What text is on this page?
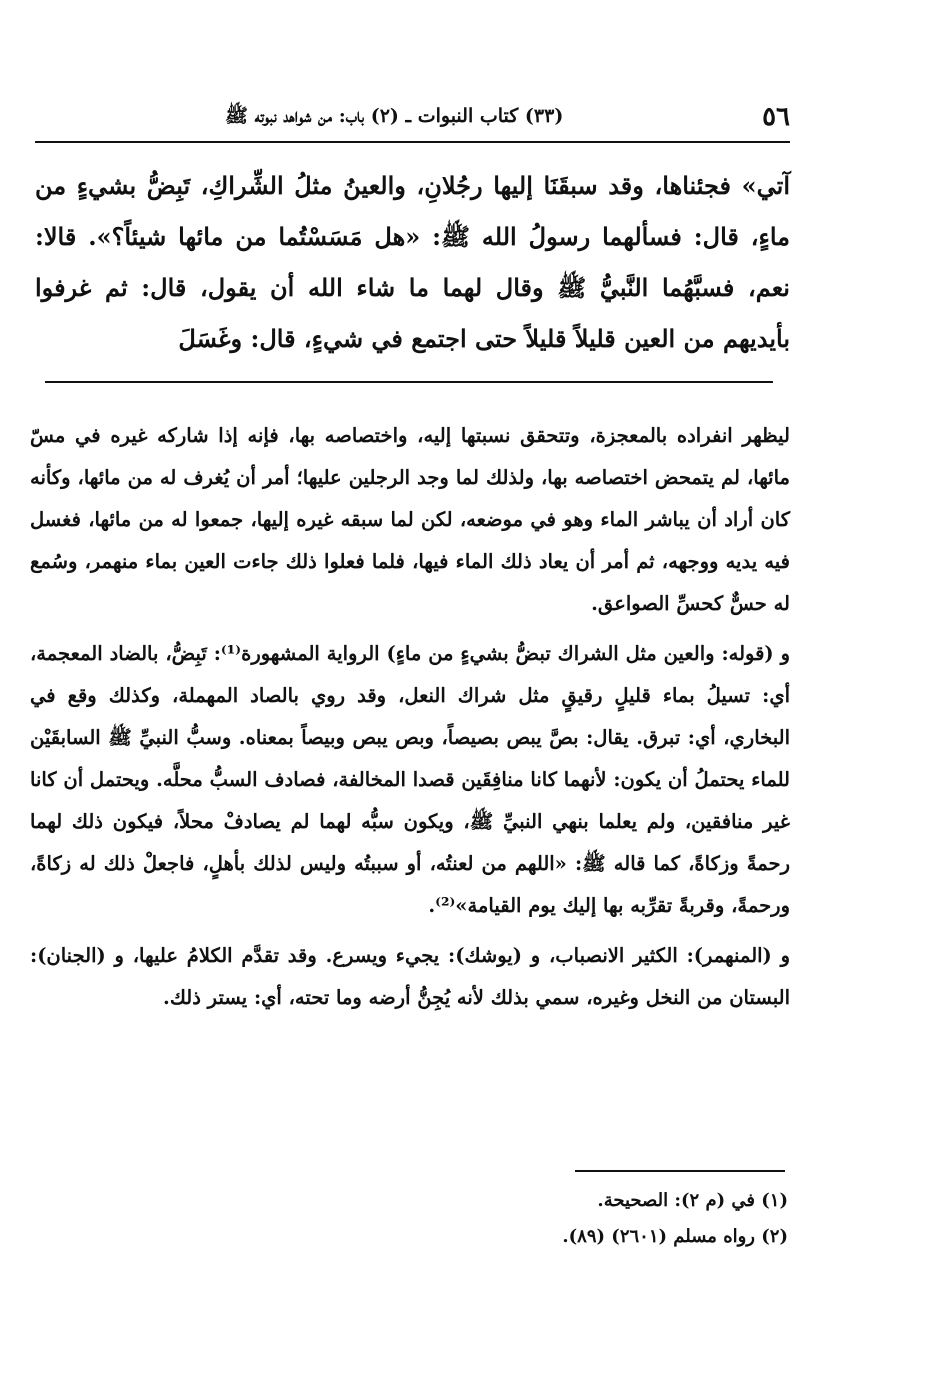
٥٦
(٣٣) كتاب النبوات ـ (٢) باب: من شواهد نبوته ﷺ
آتي» فجئناها، وقد سبقَنَا إليها رجُلانِ، والعينُ مثلُ الشِّراكِ، تَبِضُّ بشيءٍ من ماءٍ، قال: فسألهما رسولُ الله ﷺ: «هل مَسَسْتُما من مائها شيئاً؟». قالا: نعم، فسبَّهُما النَّبيُّ ﷺ وقال لهما ما شاء الله أن يقول، قال: ثم غرفوا بأيديهم من العين قليلاً قليلاً حتى اجتمع في شيءٍ، قال: وغَسَلَ

ليظهر انفراده بالمعجزة، وتتحقق نسبتها إليه، واختصاصه بها، فإنه إذا شاركه غيره في مسّ مائها، لم يتمحض اختصاصه بها، ولذلك لما وجد الرجلين عليها؛ أمر أن يُغرف له من مائها، وكأنه كان أراد أن يباشر الماء وهو في موضعه، لكن لما سبقه غيره إليها، جمعوا له من مائها، فغسل فيه يديه ووجهه، ثم أمر أن يعاد ذلك الماء فيها، فلما فعلوا ذلك جاءت العين بماء منهمر، وسُمع له حسٌّ كحسِّ الصواعق.

و (قوله: والعين مثل الشراك تبضُّ بشيءٍ من ماءٍ) الرواية المشهورة⁽¹⁾: تَبِضُّ، بالضاد المعجمة، أي: تسيلُ بماء قليلٍ رقيقٍ مثل شراك النعل، وقد روي بالصاد المهملة، وكذلك وقع في البخاري، أي: تبرق. يقال: بصَّ يبص بصيصاً، وبص يبص وبيصاً بمعناه. وسبُّ النبيِّ ﷺ السابقَيْن للماء يحتملُ أن يكون: لأنهما كانا منافِقَين قصدا المخالفة، فصادف السبُّ محلَّه. ويحتمل أن كانا غير منافقين، ولم يعلما بنهي النبيِّ ﷺ، ويكون سبُّه لهما لم يصادفْ محلاً، فيكون ذلك لهما رحمةً وزكاةً، كما قاله ﷺ: «اللهم من لعنتُه، أو سببتُه وليس لذلك بأهلٍ، فاجعلْ ذلك له زكاةً، ورحمةً، وقربةً تقرِّبه بها إليك يوم القيامة»⁽²⁾.

و (المنهمر): الكثير الانصباب، و (يوشك): يجيء ويسرع. وقد تقدَّم الكلامُ عليها، و (الجنان): البستان من النخل وغيره، سمي بذلك لأنه يُجِنُّ أرضه وما تحته، أي: يستر ذلك.

(١) في (م ٢): الصحيحة.
(٢) رواه مسلم (٢٦٠١) (٨٩).
